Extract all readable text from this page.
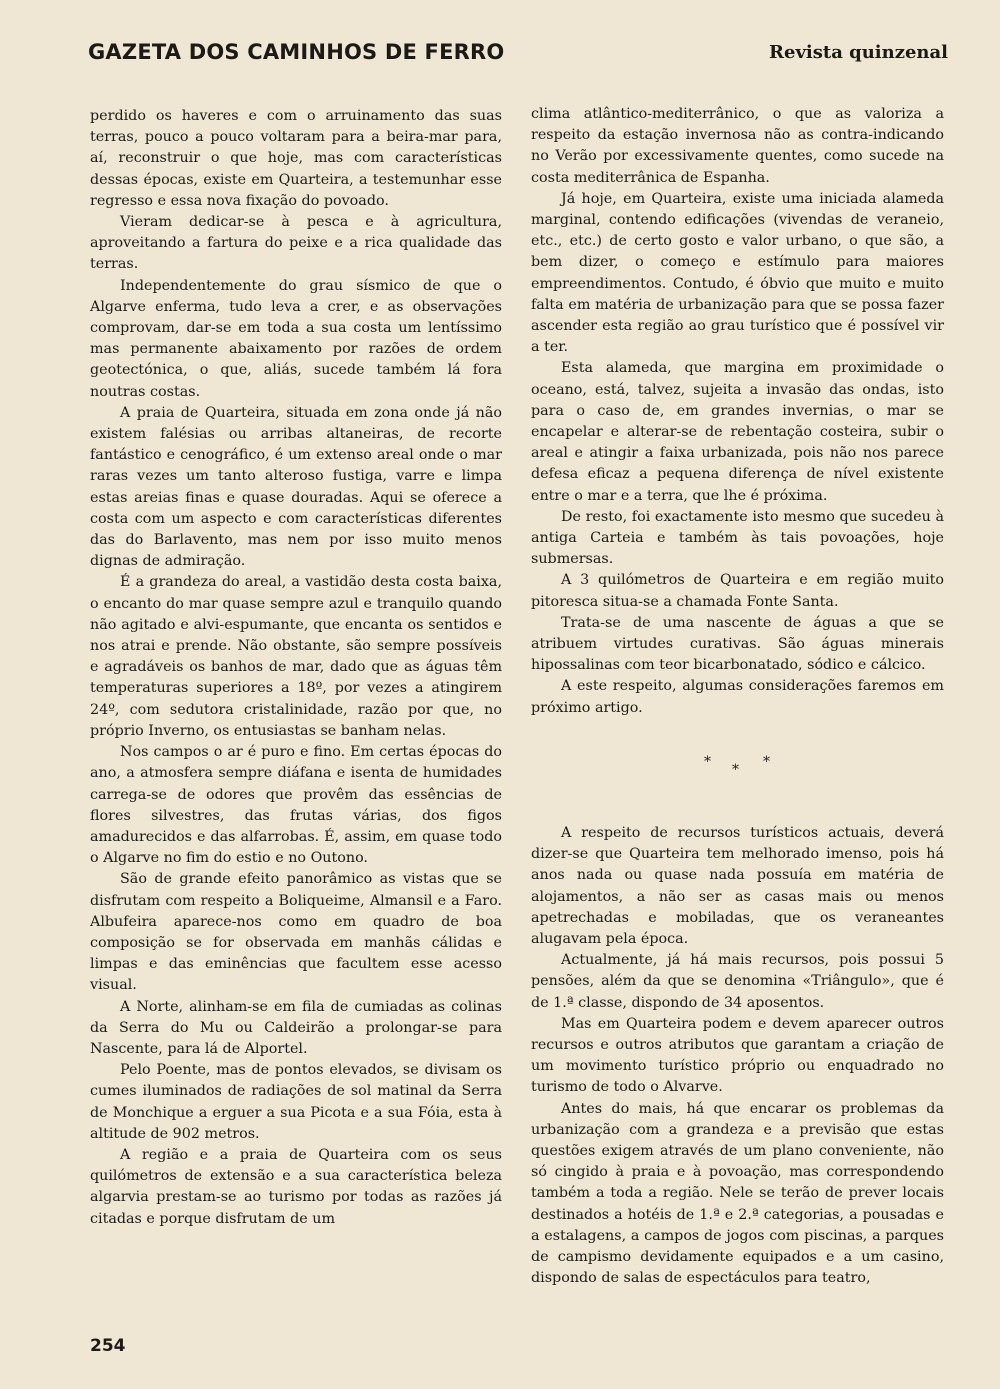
GAZETA DOS CAMINHOS DE FERRO	Revista quinzenal

perdido os haveres e com o arruinamento das suas terras, pouco a pouco voltaram para a beira-mar para, aí, reconstruir o que hoje, mas com características dessas épocas, existe em Quarteira, a testemunhar esse regresso e essa nova fixação do povoado.

Vieram dedicar-se à pesca e à agricultura, aproveitando a fartura do peixe e a rica qualidade das terras.

Independentemente do grau sísmico de que o Algarve enferma, tudo leva a crer, e as observações comprovam, dar-se em toda a sua costa um lentíssimo mas permanente abaixamento por razões de ordem geotectónica, o que, aliás, sucede também lá fora noutras costas.

A praia de Quarteira, situada em zona onde já não existem falésias ou arribas altaneiras, de recorte fantástico e cenográfico, é um extenso areal onde o mar raras vezes um tanto alteroso fustiga, varre e limpa estas areias finas e quase douradas. Aqui se oferece a costa com um aspecto e com características diferentes das do Barlavento, mas nem por isso muito menos dignas de admiração.

É a grandeza do areal, a vastidão desta costa baixa, o encanto do mar quase sempre azul e tranquilo quando não agitado e alvi-espumante, que encanta os sentidos e nos atrai e prende. Não obstante, são sempre possíveis e agradáveis os banhos de mar, dado que as águas têm temperaturas superiores a 18º, por vezes a atingirem 24º, com sedutora cristalinidade, razão por que, no próprio Inverno, os entusiastas se banham nelas.

Nos campos o ar é puro e fino. Em certas épocas do ano, a atmosfera sempre diáfana e isenta de humidades carrega-se de odores que provêm das essências de flores silvestres, das frutas várias, dos figos amadurecidos e das alfarrobas. É, assim, em quase todo o Algarve no fim do estio e no Outono.

São de grande efeito panorâmico as vistas que se disfrutam com respeito a Boliqueime, Almansil e a Faro. Albufeira aparece-nos como em quadro de boa composição se for observada em manhãs cálidas e limpas e das eminências que facultem esse acesso visual.

A Norte, alinham-se em fila de cumiadas as colinas da Serra do Mu ou Caldeirão a prolongar-se para Nascente, para lá de Alportel.

Pelo Poente, mas de pontos elevados, se divisam os cumes iluminados de radiações de sol matinal da Serra de Monchique a erguer a sua Picota e a sua Fóia, esta à altitude de 902 metros.

A região e a praia de Quarteira com os seus quilómetros de extensão e a sua característica beleza algarvia prestam-se ao turismo por todas as razões já citadas e porque disfrutam de um

clima atlântico-mediterrânico, o que as valoriza a respeito da estação invernosa não as contra-indicando no Verão por excessivamente quentes, como sucede na costa mediterrânica de Espanha.

Já hoje, em Quarteira, existe uma iniciada alameda marginal, contendo edificações (vivendas de veraneio, etc., etc.) de certo gosto e valor urbano, o que são, a bem dizer, o começo e estímulo para maiores empreendimentos. Contudo, é óbvio que muito e muito falta em matéria de urbanização para que se possa fazer ascender esta região ao grau turístico que é possível vir a ter.

Esta alameda, que margina em proximidade o oceano, está, talvez, sujeita a invasão das ondas, isto para o caso de, em grandes invernias, o mar se encapelar e alterar-se de rebentação costeira, subir o areal e atingir a faixa urbanizada, pois não nos parece defesa eficaz a pequena diferença de nível existente entre o mar e a terra, que lhe é próxima.

De resto, foi exactamente isto mesmo que sucedeu à antiga Carteia e também às tais povoações, hoje submersas.

A 3 quilómetros de Quarteira e em região muito pitoresca situa-se a chamada Fonte Santa.

Trata-se de uma nascente de águas a que se atribuem virtudes curativas. São águas minerais hipossalinas com teor bicarbonatado, sódico e cálcico.

A este respeito, algumas considerações faremos em próximo artigo.

* * *

A respeito de recursos turísticos actuais, deverá dizer-se que Quarteira tem melhorado imenso, pois há anos nada ou quase nada possuía em matéria de alojamentos, a não ser as casas mais ou menos apetrechadas e mobiladas, que os veraneantes alugavam pela época.

Actualmente, já há mais recursos, pois possui 5 pensões, além da que se denomina «Triângulo», que é de 1.ª classe, dispondo de 34 aposentos.

Mas em Quarteira podem e devem aparecer outros recursos e outros atributos que garantam a criação de um movimento turístico próprio ou enquadrado no turismo de todo o Alvarve.

Antes do mais, há que encarar os problemas da urbanização com a grandeza e a previsão que estas questões exigem através de um plano conveniente, não só cingido à praia e à povoação, mas correspondendo também a toda a região. Nele se terão de prever locais destinados a hotéis de 1.ª e 2.ª categorias, a pousadas e a estalagens, a campos de jogos com piscinas, a parques de campismo devidamente equipados e a um casino, dispondo de salas de espectáculos para teatro,

254
